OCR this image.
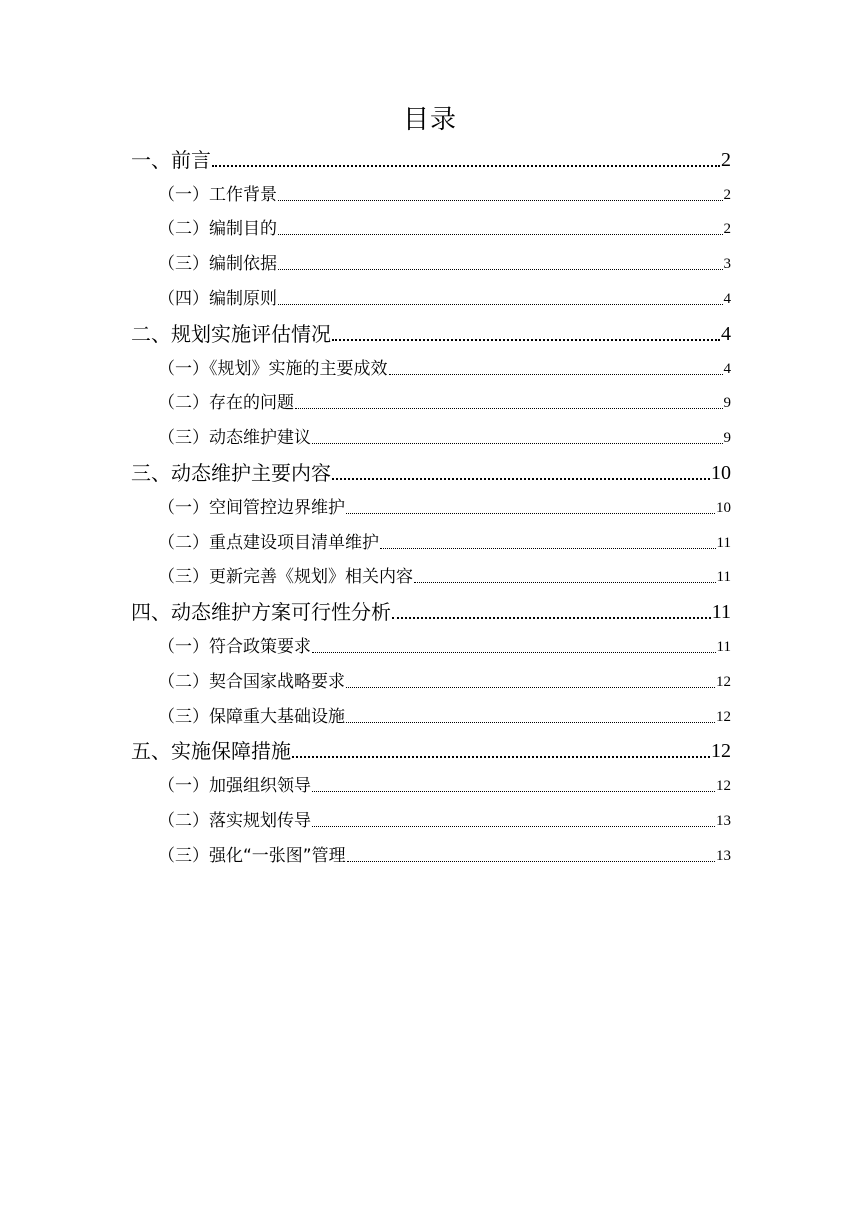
目录
一、前言	2
（一）工作背景	2
（二）编制目的	2
（三）编制依据	3
（四）编制原则	4
二、规划实施评估情况	4
（一）《规划》实施的主要成效	4
（二）存在的问题	9
（三）动态维护建议	9
三、动态维护主要内容	10
（一）空间管控边界维护	10
（二）重点建设项目清单维护	11
（三）更新完善《规划》相关内容	11
四、动态维护方案可行性分析	11
（一）符合政策要求	11
（二）契合国家战略要求	12
（三）保障重大基础设施	12
五、实施保障措施	12
（一）加强组织领导	12
（二）落实规划传导	13
（三）强化“一张图”管理	13
